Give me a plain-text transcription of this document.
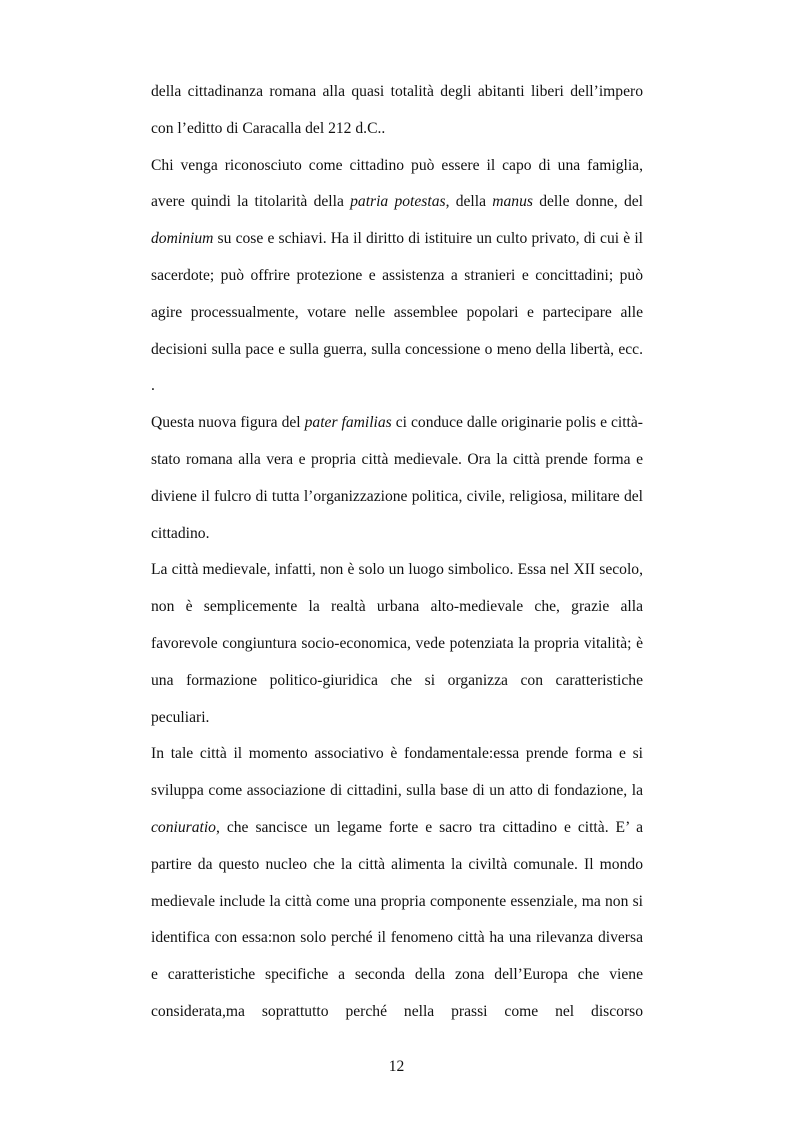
della cittadinanza romana alla quasi totalità degli abitanti liberi dell’impero con l’editto di Caracalla del 212 d.C..

Chi venga riconosciuto come cittadino può essere il capo di una famiglia, avere quindi la titolarità della patria potestas, della manus delle donne, del dominium su cose e schiavi. Ha il diritto di istituire un culto privato, di cui è il sacerdote; può offrire protezione e assistenza a stranieri e concittadini; può agire processualmente, votare nelle assemblee popolari e partecipare alle decisioni sulla pace e sulla guerra, sulla concessione o meno della libertà, ecc. .

Questa nuova figura del pater familias ci conduce dalle originarie polis e città-stato romana alla vera e propria città medievale. Ora la città prende forma e diviene il fulcro di tutta l’organizzazione politica, civile, religiosa, militare del cittadino.

La città medievale, infatti, non è solo un luogo simbolico. Essa nel XII secolo, non è semplicemente la realtà urbana alto-medievale che, grazie alla favorevole congiuntura socio-economica, vede potenziata la propria vitalità; è una formazione politico-giuridica che si organizza con caratteristiche peculiari.

In tale città il momento associativo è fondamentale:essa prende forma e si sviluppa come associazione di cittadini, sulla base di un atto di fondazione, la coniuratio, che sancisce un legame forte e sacro tra cittadino e città. E’ a partire da questo nucleo che la città alimenta la civiltà comunale. Il mondo medievale include la città come una propria componente essenziale, ma non si identifica con essa:non solo perché il fenomeno città ha una rilevanza diversa e caratteristiche specifiche a seconda della zona dell’Europa che viene considerata,ma soprattutto perché nella prassi come nel discorso

12
